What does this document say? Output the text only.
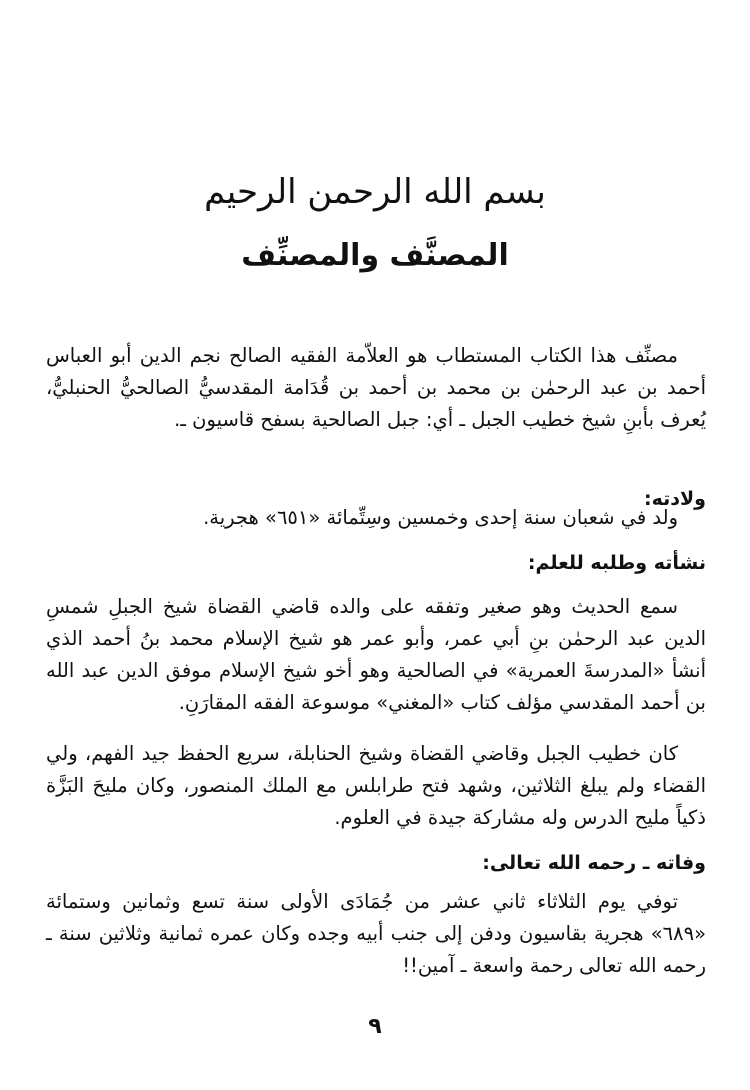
بسم الله الرحمن الرحيم
المصنَّف والمصنِّف

مصنِّف هذا الكتاب المستطاب هو العلاّمة الفقيه الصالح نجم الدين أبو العباس أحمد بن عبد الرحمٰن بن محمد بن أحمد بن قُدَامة المقدسيُّ الصالحيُّ الحنبليُّ، يُعرف بأبنِ شيخ خطيب الجبل ـ أي: جبل الصالحية بسفح قاسيون ـ.

ولادته:

ولد في شعبان سنة إحدى وخمسين وسِتِّمائة «٦٥١» هجرية.

نشأته وطلبه للعلم:

سمع الحديث وهو صغير وتفقه على والده قاضي القضاة شيخ الجبلِ شمسِ الدين عبد الرحمٰن بنِ أبي عمر، وأبو عمر هو شيخ الإسلام محمد بنُ أحمد الذي أنشأ «المدرسةَ العمرية» في الصالحية وهو أخو شيخ الإسلام موفق الدين عبد الله بن أحمد المقدسي مؤلف كتاب «المغني» موسوعة الفقه المقارَنِ.

كان خطيب الجبل وقاضي القضاة وشيخ الحنابلة، سريع الحفظ جيد الفهم، ولي القضاء ولم يبلغ الثلاثين، وشهد فتح طرابلس مع الملك المنصور، وكان مليحَ البَزَّة ذكياً مليح الدرس وله مشاركة جيدة في العلوم.

وفاته ـ رحمه الله تعالى:

توفي يوم الثلاثاء ثاني عشر من جُمَادَى الأولى سنة تسع وثمانين وستمائة «٦٨٩» هجرية بقاسيون ودفن إلى جنب أبيه وجده وكان عمره ثمانية وثلاثين سنة ـ رحمه الله تعالى رحمة واسعة ـ آمين!!

٩
